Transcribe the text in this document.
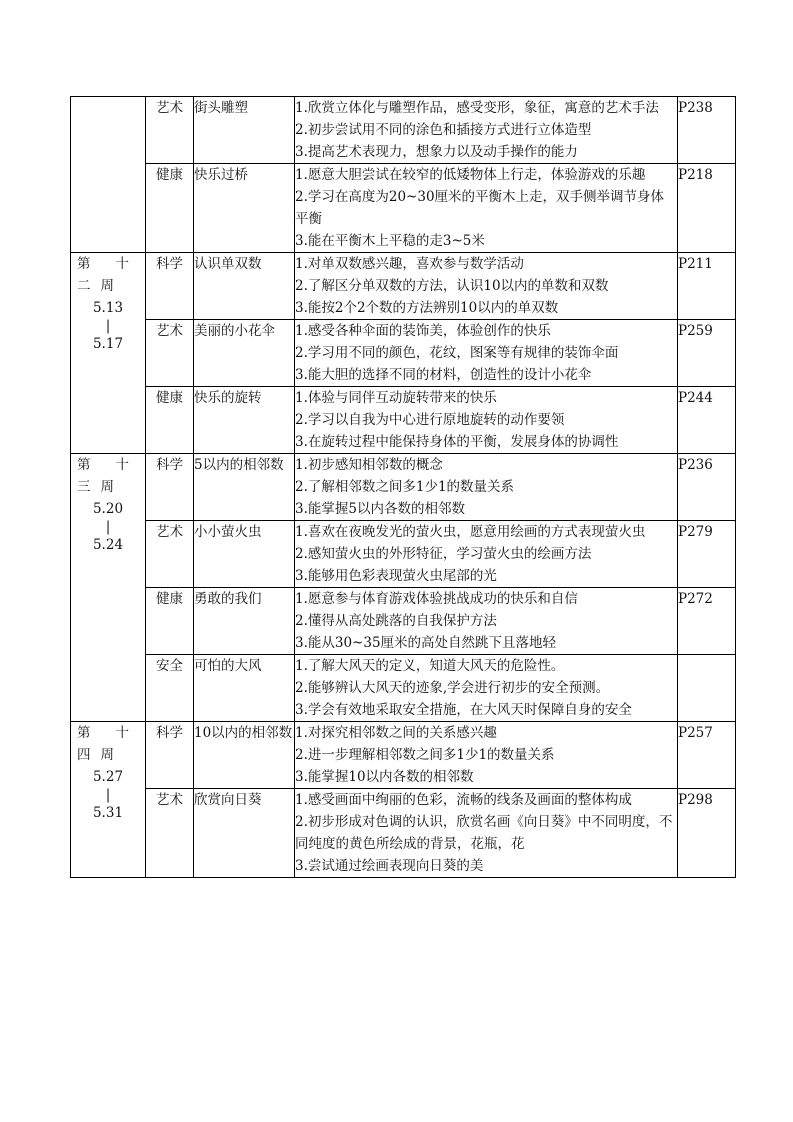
	艺术	街头雕塑	1.欣赏立体化与雕塑作品，感受变形，象征，寓意的艺术手法
2.初步尝试用不同的涂色和插接方式进行立体造型
3.提高艺术表现力，想象力以及动手操作的能力	P238
	健康	快乐过桥	1.愿意大胆尝试在较窄的低矮物体上行走，体验游戏的乐趣
2.学习在高度为20~30厘米的平衡木上走，双手侧举调节身体平衡
3.能在平衡木上平稳的走3~5米	P218

第十二周
5.13
|
5.17	科学	认识单双数	1.对单双数感兴趣，喜欢参与数学活动
2.了解区分单双数的方法，认识10以内的单数和双数
3.能按2个2个数的方法辨别10以内的单双数	P211
	艺术	美丽的小花伞	1.感受各种伞面的装饰美，体验创作的快乐
2.学习用不同的颜色，花纹，图案等有规律的装饰伞面
3.能大胆的选择不同的材料，创造性的设计小花伞	P259
	健康	快乐的旋转	1.体验与同伴互动旋转带来的快乐
2.学习以自我为中心进行原地旋转的动作要领
3.在旋转过程中能保持身体的平衡，发展身体的协调性	P244

第十三周
5.20
|
5.24	科学	5以内的相邻数	1.初步感知相邻数的概念
2.了解相邻数之间多1少1的数量关系
3.能掌握5以内各数的相邻数	P236
	艺术	小小萤火虫	1.喜欢在夜晚发光的萤火虫，愿意用绘画的方式表现萤火虫
2.感知萤火虫的外形特征，学习萤火虫的绘画方法
3.能够用色彩表现萤火虫尾部的光	P279
	健康	勇敢的我们	1.愿意参与体育游戏体验挑战成功的快乐和自信
2.懂得从高处跳落的自我保护方法
3.能从30~35厘米的高处自然跳下且落地轻	P272
	安全	可怕的大风	1.了解大风天的定义，知道大风天的危险性。
2.能够辨认大风天的迹象,学会进行初步的安全预测。
3.学会有效地采取安全措施，在大风天时保障自身的安全	

第十四周
5.27
|
5.31	科学	10以内的相邻数	1.对探究相邻数之间的关系感兴趣
2.进一步理解相邻数之间多1少1的数量关系
3.能掌握10以内各数的相邻数	P257
	艺术	欣赏向日葵	1.感受画面中绚丽的色彩，流畅的线条及画面的整体构成
2.初步形成对色调的认识，欣赏名画《向日葵》中不同明度，不同纯度的黄色所绘成的背景，花瓶，花
3.尝试通过绘画表现向日葵的美	P298
